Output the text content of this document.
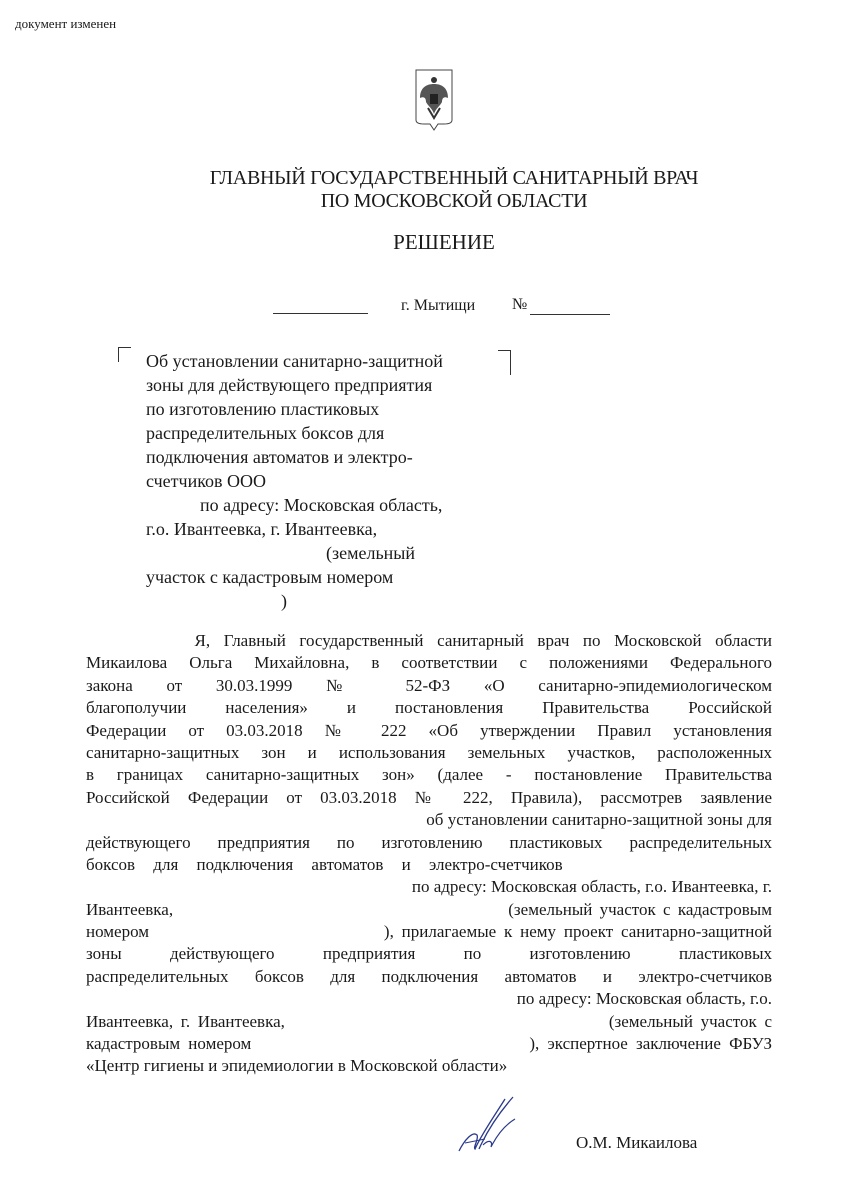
документ изменен
ГЛАВНЫЙ ГОСУДАРСТВЕННЫЙ САНИТАРНЫЙ ВРАЧ
ПО МОСКОВСКОЙ ОБЛАСТИ
РЕШЕНИЕ
г. Мытищи №
Об установлении санитарно-защитной
зоны для действующего предприятия
по изготовлению пластиковых
распределительных боксов для
подключения автоматов и электро-
счетчиков ООО
по адресу: Московская область,
г.о. Ивантеевка, г. Ивантеевка,
(земельный
участок с кадастровым номером
)
Я, Главный государственный санитарный врач по Московской области
Микаилова Ольга Михайловна, в соответствии с положениями Федерального
закона от 30.03.1999 № 52-ФЗ «О санитарно-эпидемиологическом
благополучии населения» и постановления Правительства Российской
Федерации от 03.03.2018 № 222 «Об утверждении Правил установления
санитарно-защитных зон и использования земельных участков, расположенных
в границах санитарно-защитных зон» (далее - постановление Правительства
Российской Федерации от 03.03.2018 № 222, Правила), рассмотрев заявление
об установлении санитарно-защитной зоны для
действующего предприятия по изготовлению пластиковых распределительных
боксов для подключения автоматов и электро-счетчиков
по адресу: Московская область, г.о. Ивантеевка, г.
Ивантеевка,                                              (земельный участок с кадастровым
номером                              ), прилагаемые к нему проект санитарно-защитной
зоны действующего предприятия по изготовлению пластиковых
распределительных боксов для подключения автоматов и электро-счетчиков
по адресу: Московская область, г.о.
Ивантеевка, г. Ивантеевка,                                          (земельный участок с
кадастровым номером                                  ), экспертное заключение ФБУЗ
«Центр гигиены и эпидемиологии в Московской области»
О.М. Микаилова
